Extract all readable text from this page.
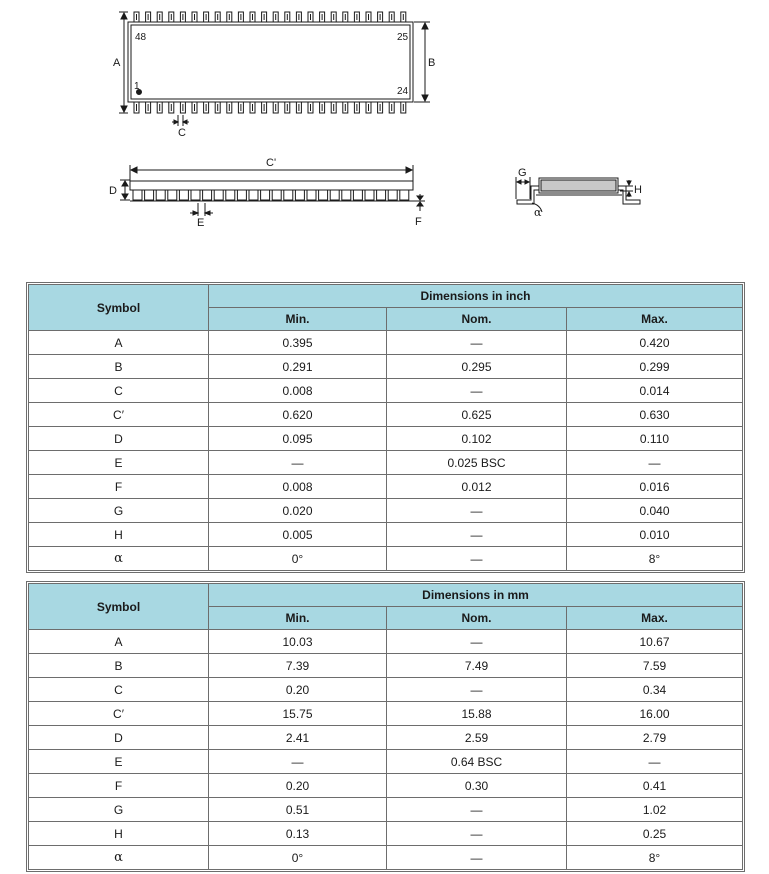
A	B
C
48	25
1	24
C'
D
E	F
G
H
α
Symbol	Dimensions in inch		
	Min.	Nom.	Max.
A	0.395	—	0.420
B	0.291	0.295	0.299
C	0.008	—	0.014
C′	0.620	0.625	0.630
D	0.095	0.102	0.110
E	—	0.025 BSC	—
F	0.008	0.012	0.016
G	0.020	—	0.040
H	0.005	—	0.010
α	0°	—	8°
Symbol	Dimensions in mm		
	Min.	Nom.	Max.
A	10.03	—	10.67
B	7.39	7.49	7.59
C	0.20	—	0.34
C′	15.75	15.88	16.00
D	2.41	2.59	2.79
E	—	0.64 BSC	—
F	0.20	0.30	0.41
G	0.51	—	1.02
H	0.13	—	0.25
α	0°	—	8°
